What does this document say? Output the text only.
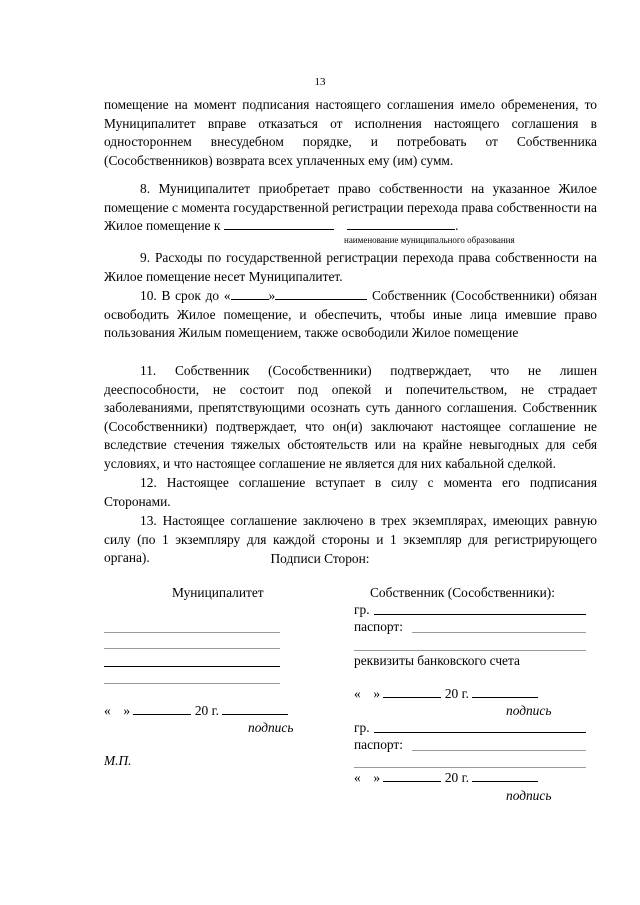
13

помещение на момент подписания настоящего соглашения имело обременения, то Муниципалитет вправе отказаться от исполнения настоящего соглашения в одностороннем внесудебном порядке, и потребовать от Собственника (Сособственников) возврата всех уплаченных ему (им) сумм.

8. Муниципалитет приобретает право собственности на указанное Жилое помещение с момента государственной регистрации перехода права собственности на Жилое помещение к	.

наименование муниципального образования

9. Расходы по государственной регистрации перехода права собственности на Жилое помещение несет Муниципалитет.

10. В срок до «	»	Собственник (Сособственники) обязан освободить Жилое помещение, и обеспечить, чтобы иные лица имевшие право пользования Жилым помещением, также освободили Жилое помещение

11. Собственник (Сособственники) подтверждает, что не лишен дееспособности, не состоит под опекой и попечительством, не страдает заболеваниями, препятствующими осознать суть данного соглашения. Собственник (Сособственники) подтверждает, что он(и) заключают настоящее соглашение не вследствие стечения тяжелых обстоятельств или на крайне невыгодных для себя условиях, и что настоящее соглашение не является для них кабальной сделкой.

12. Настоящее соглашение вступает в силу с момента его подписания Сторонами.

13. Настоящее соглашение заключено в трех экземплярах, имеющих равную силу (по 1 экземпляру для каждой стороны и 1 экземпляр для регистрирующего органа).	Подписи Сторон:
Муниципалитет
« »	20 г.
подпись
М.П.
Собственник (Сособственники):
гр.
паспорт:
реквизиты банковского счета
« »	20 г.
подпись
гр.
паспорт:
« »	20 г.
подпись
